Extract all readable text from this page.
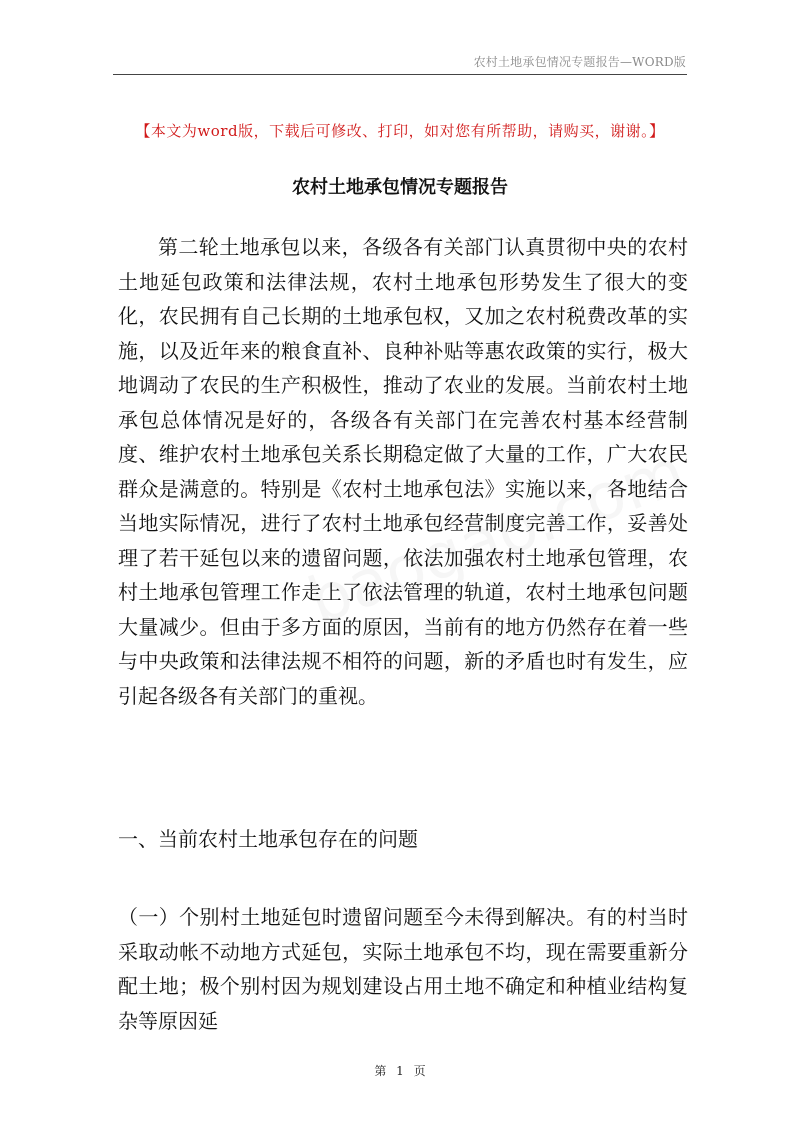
农村土地承包情况专题报告—WORD版
【本文为word版，下载后可修改、打印，如对您有所帮助，请购买，谢谢。】
农村土地承包情况专题报告

第二轮土地承包以来，各级各有关部门认真贯彻中央的农村土地延包政策和法律法规，农村土地承包形势发生了很大的变化，农民拥有自己长期的土地承包权，又加之农村税费改革的实施，以及近年来的粮食直补、良种补贴等惠农政策的实行，极大地调动了农民的生产积极性，推动了农业的发展。当前农村土地承包总体情况是好的，各级各有关部门在完善农村基本经营制度、维护农村土地承包关系长期稳定做了大量的工作，广大农民群众是满意的。特别是《农村土地承包法》实施以来，各地结合当地实际情况，进行了农村土地承包经营制度完善工作，妥善处理了若干延包以来的遗留问题，依法加强农村土地承包管理，农村土地承包管理工作走上了依法管理的轨道，农村土地承包问题大量减少。但由于多方面的原因，当前有的地方仍然存在着一些与中央政策和法律法规不相符的问题，新的矛盾也时有发生，应引起各级各有关部门的重视。

一、当前农村土地承包存在的问题

（一）个别村土地延包时遗留问题至今未得到解决。有的村当时采取动帐不动地方式延包，实际土地承包不均，现在需要重新分配土地；极个别村因为规划建设占用土地不确定和种植业结构复杂等原因延

第 1 页
